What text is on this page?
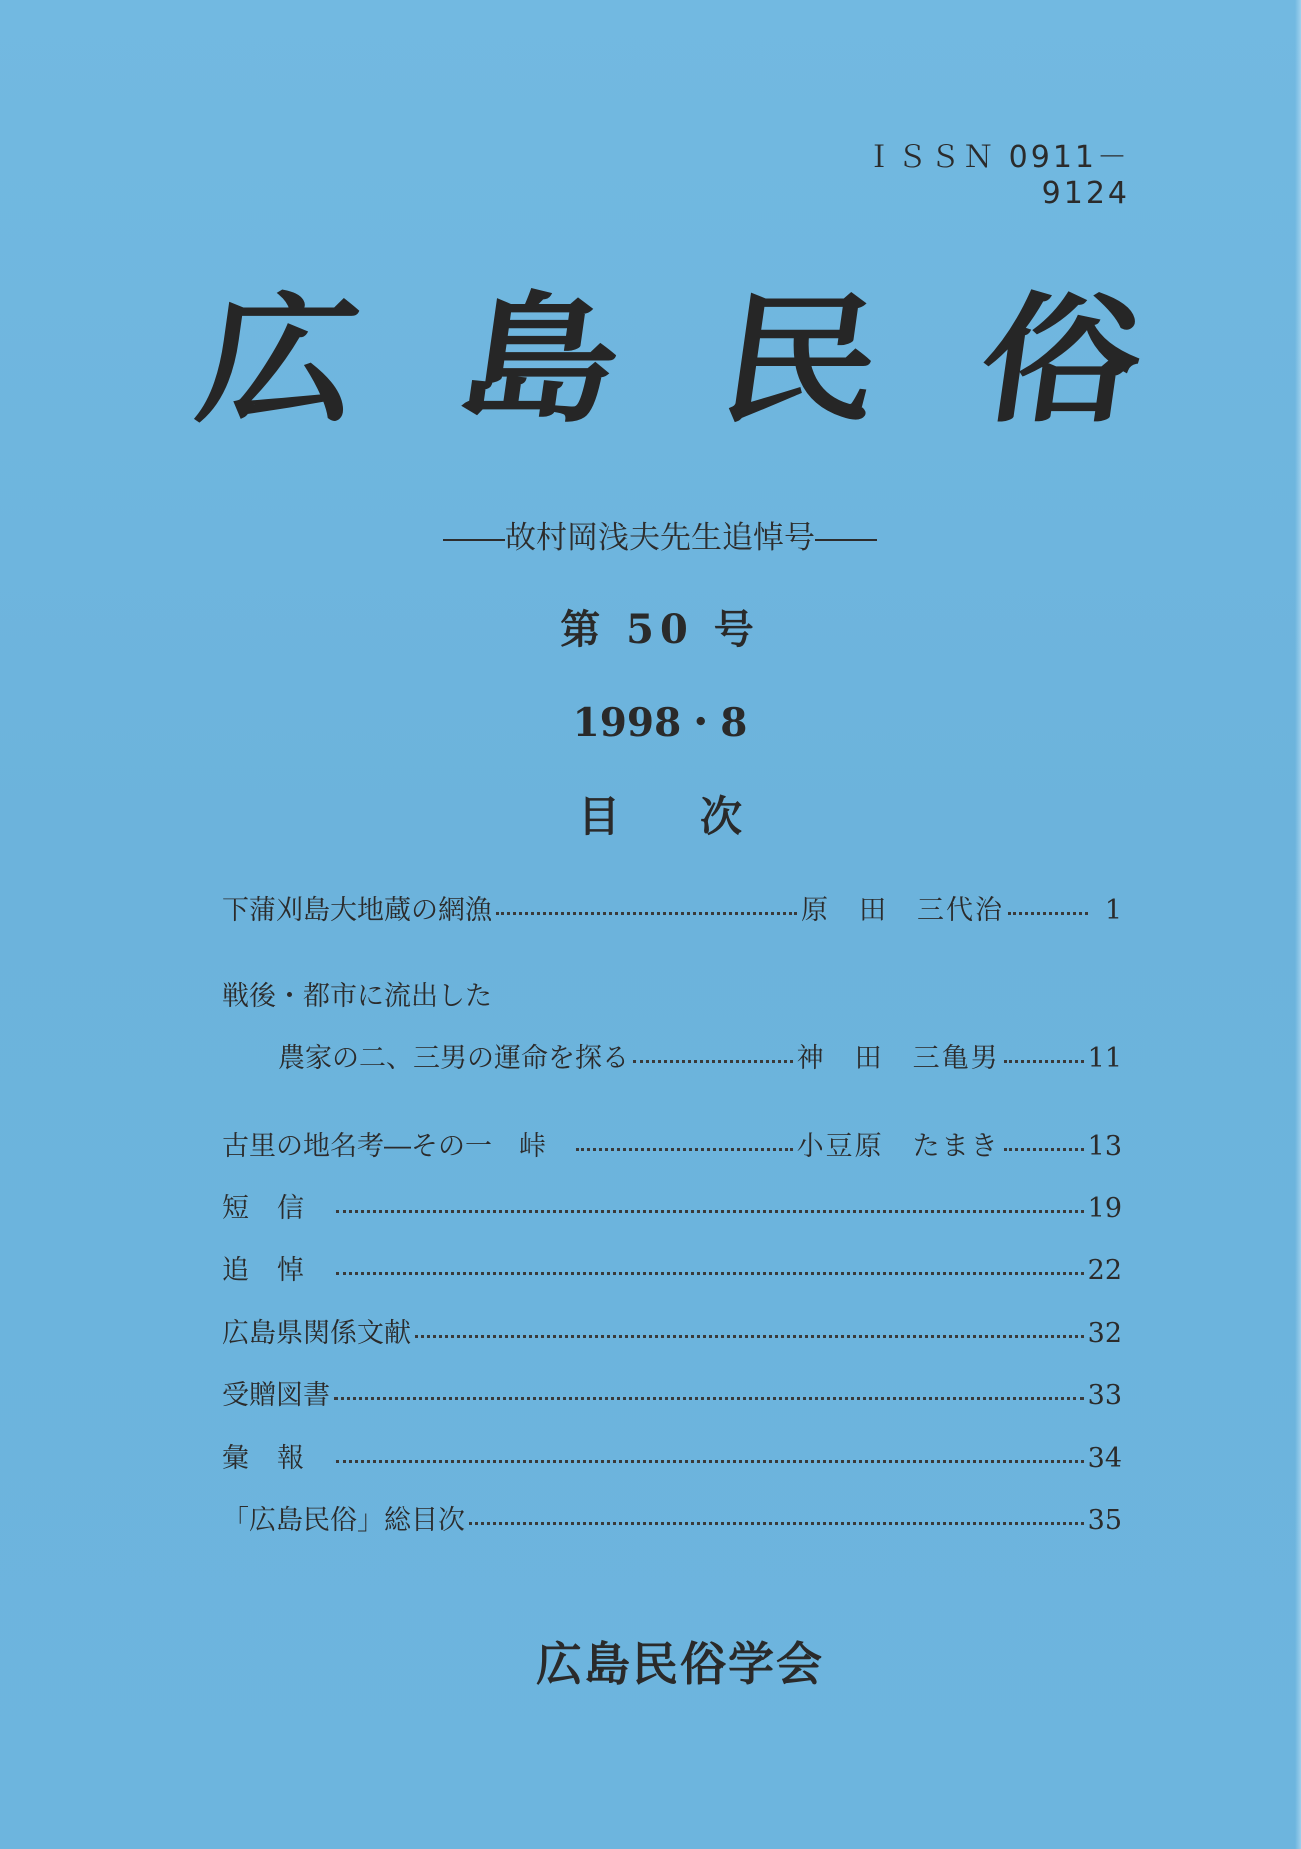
ＩＳＳＮ 0911－9124
広 島 民 俗
――故村岡浅夫先生追悼号――
第 50 号
1998・8
目次
下蒲刈島大地蔵の網漁	原　田　三代治	1
戦後・都市に流出した
農家の二、三男の運命を探る	神　田　三亀男	11
古里の地名考―その一　峠	小豆原　たまき	13
短信	19
追悼	22
広島県関係文献	32
受贈図書	33
彙報	34
「広島民俗」総目次	35
広島民俗学会
